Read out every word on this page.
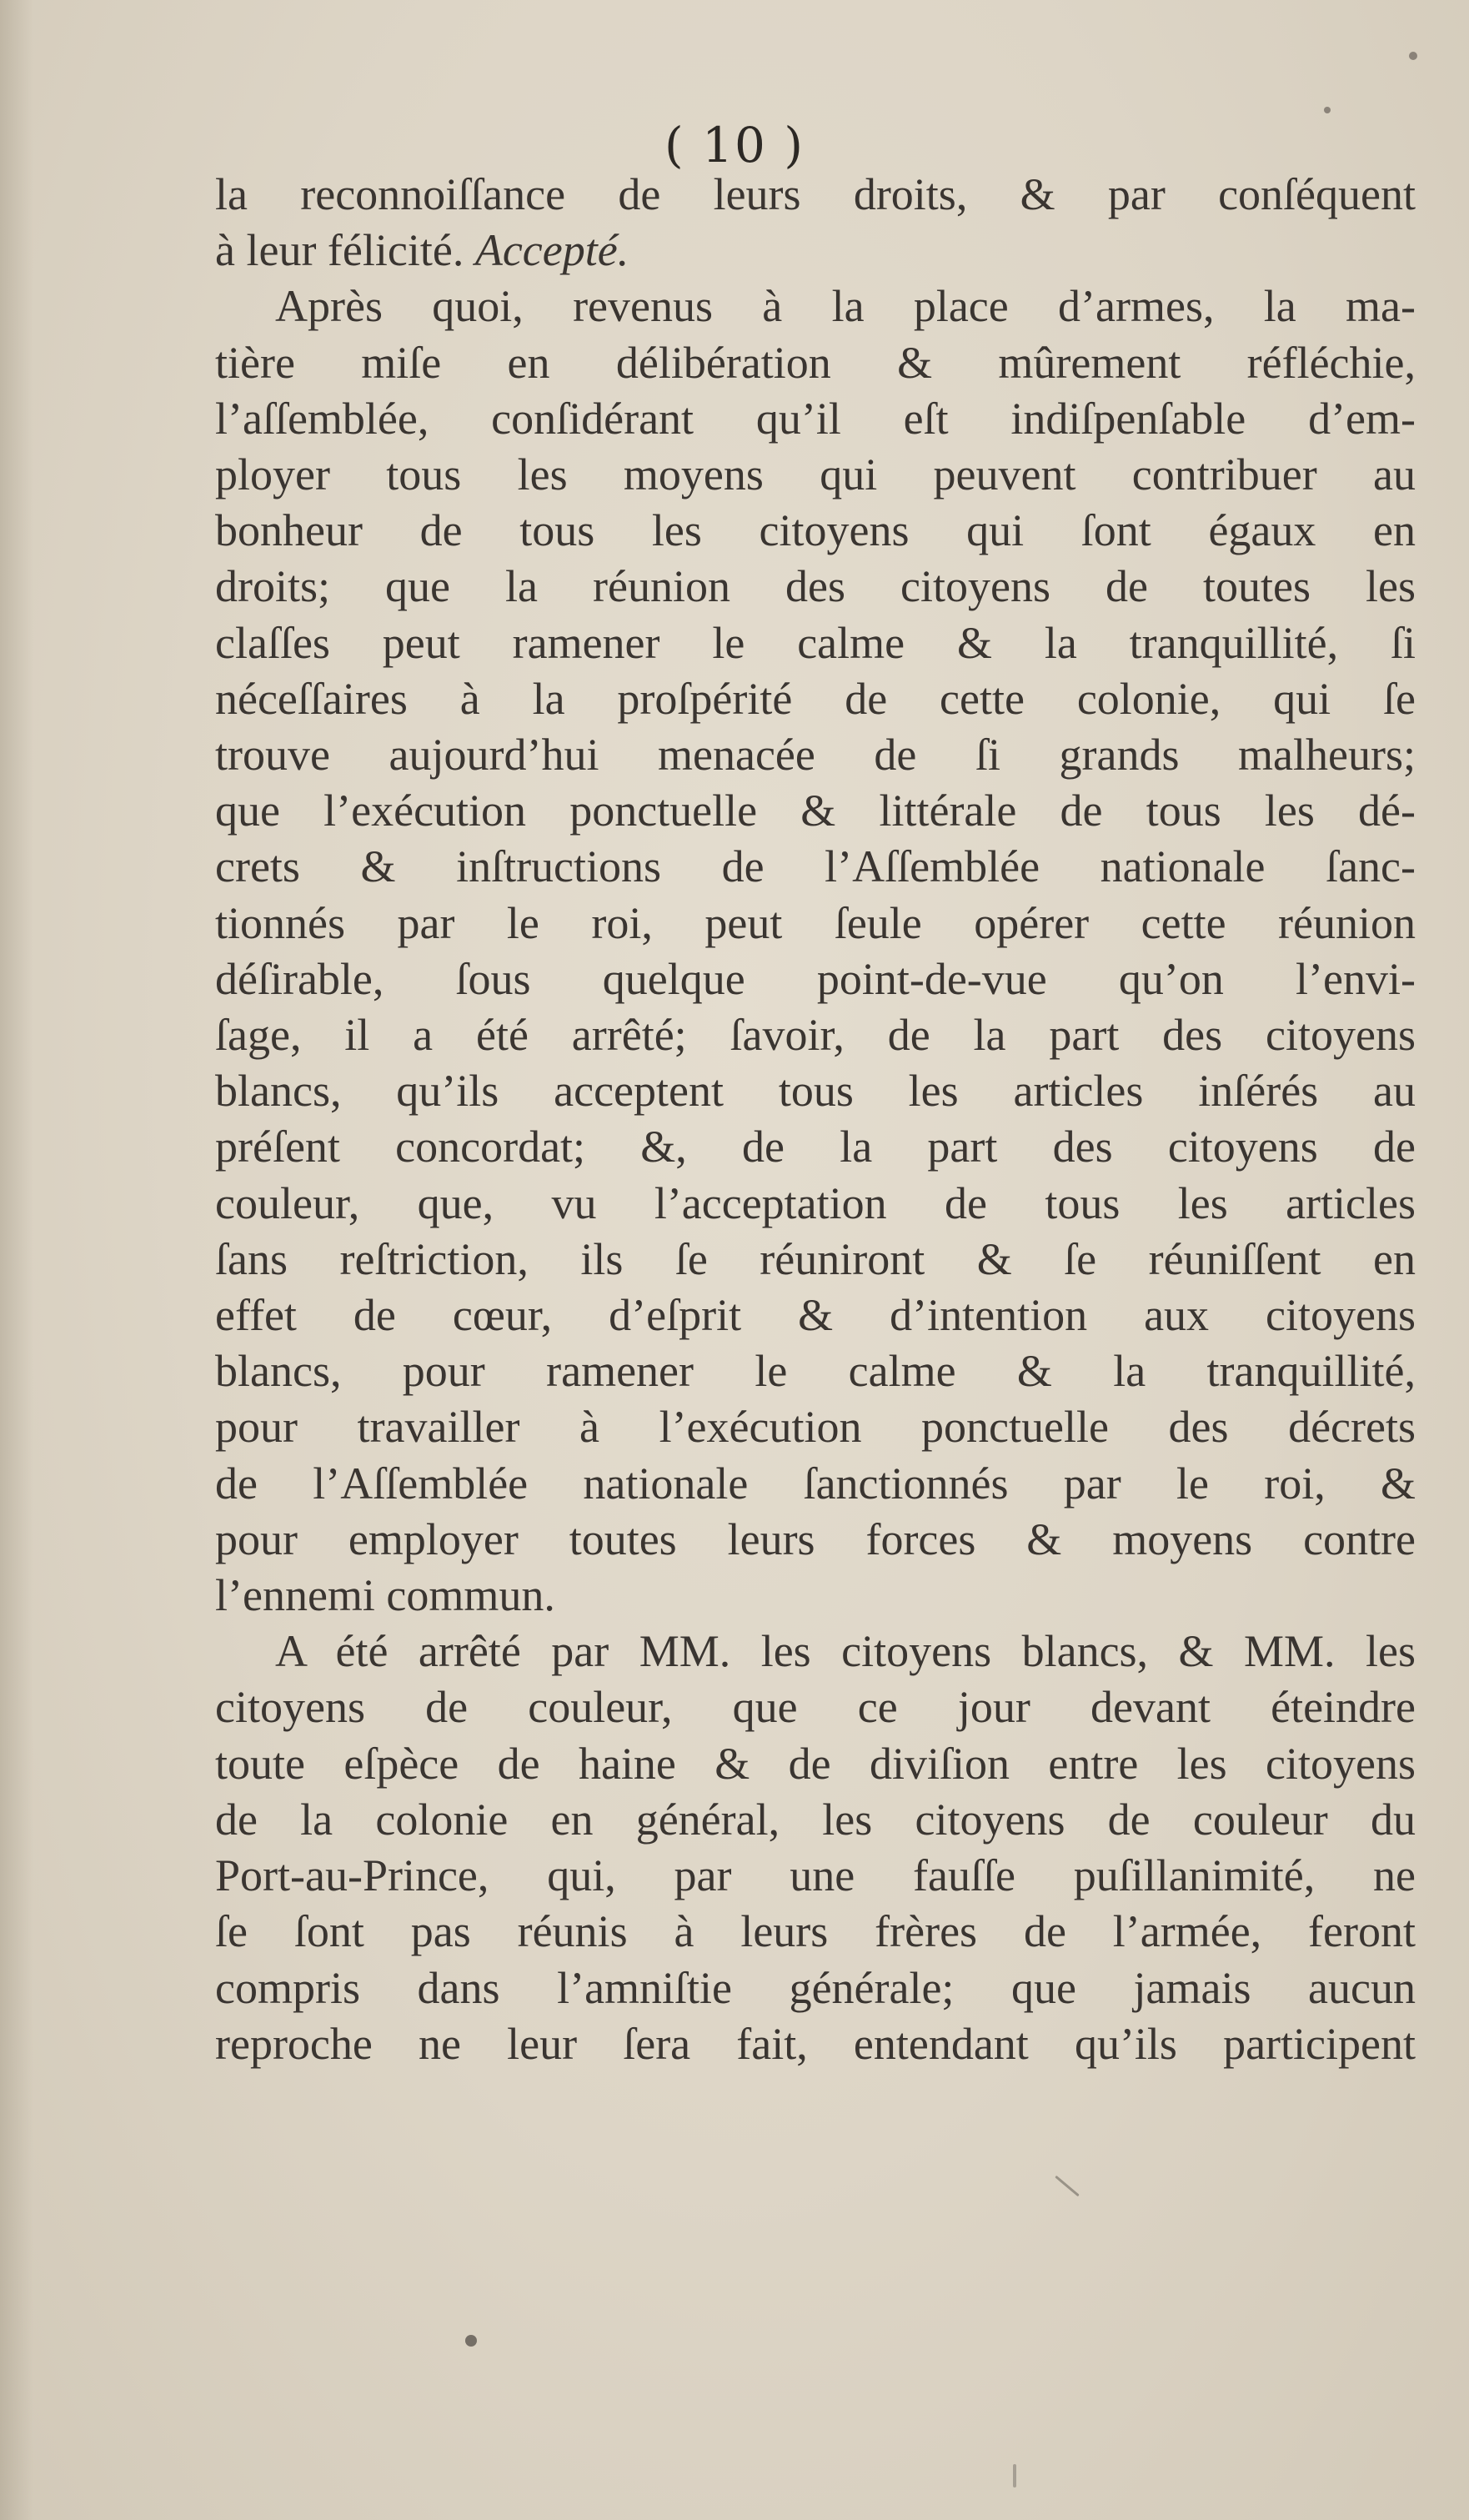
( 10 )
la reconnoiſſance de leurs droits, & par conſéquent
à leur félicité. Accepté.
Après quoi, revenus à la place d’armes, la ma-
tière miſe en délibération & mûrement réfléchie,
l’aſſemblée, conſidérant qu’il eſt indiſpenſable d’em-
ployer tous les moyens qui peuvent contribuer au
bonheur de tous les citoyens qui ſont égaux en
droits; que la réunion des citoyens de toutes les
claſſes peut ramener le calme & la tranquillité, ſi
néceſſaires à la proſpérité de cette colonie, qui ſe
trouve aujourd’hui menacée de ſi grands malheurs;
que l’exécution ponctuelle & littérale de tous les dé-
crets & inſtructions de l’Aſſemblée nationale ſanc-
tionnés par le roi, peut ſeule opérer cette réunion
déſirable, ſous quelque point-de-vue qu’on l’envi-
ſage, il a été arrêté; ſavoir, de la part des citoyens
blancs, qu’ils acceptent tous les articles inſérés au
préſent concordat; &, de la part des citoyens de
couleur, que, vu l’acceptation de tous les articles
ſans reſtriction, ils ſe réuniront & ſe réuniſſent en
effet de cœur, d’eſprit & d’intention aux citoyens
blancs, pour ramener le calme & la tranquillité,
pour travailler à l’exécution ponctuelle des décrets
de l’Aſſemblée nationale ſanctionnés par le roi, &
pour employer toutes leurs forces & moyens contre
l’ennemi commun.
A été arrêté par MM. les citoyens blancs, & MM. les
citoyens de couleur, que ce jour devant éteindre
toute eſpèce de haine & de diviſion entre les citoyens
de la colonie en général, les citoyens de couleur du
Port-au-Prince, qui, par une fauſſe puſillanimité, ne
ſe ſont pas réunis à leurs frères de l’armée, feront
compris dans l’amniſtie générale; que jamais aucun
reproche ne leur ſera fait, entendant qu’ils participent
